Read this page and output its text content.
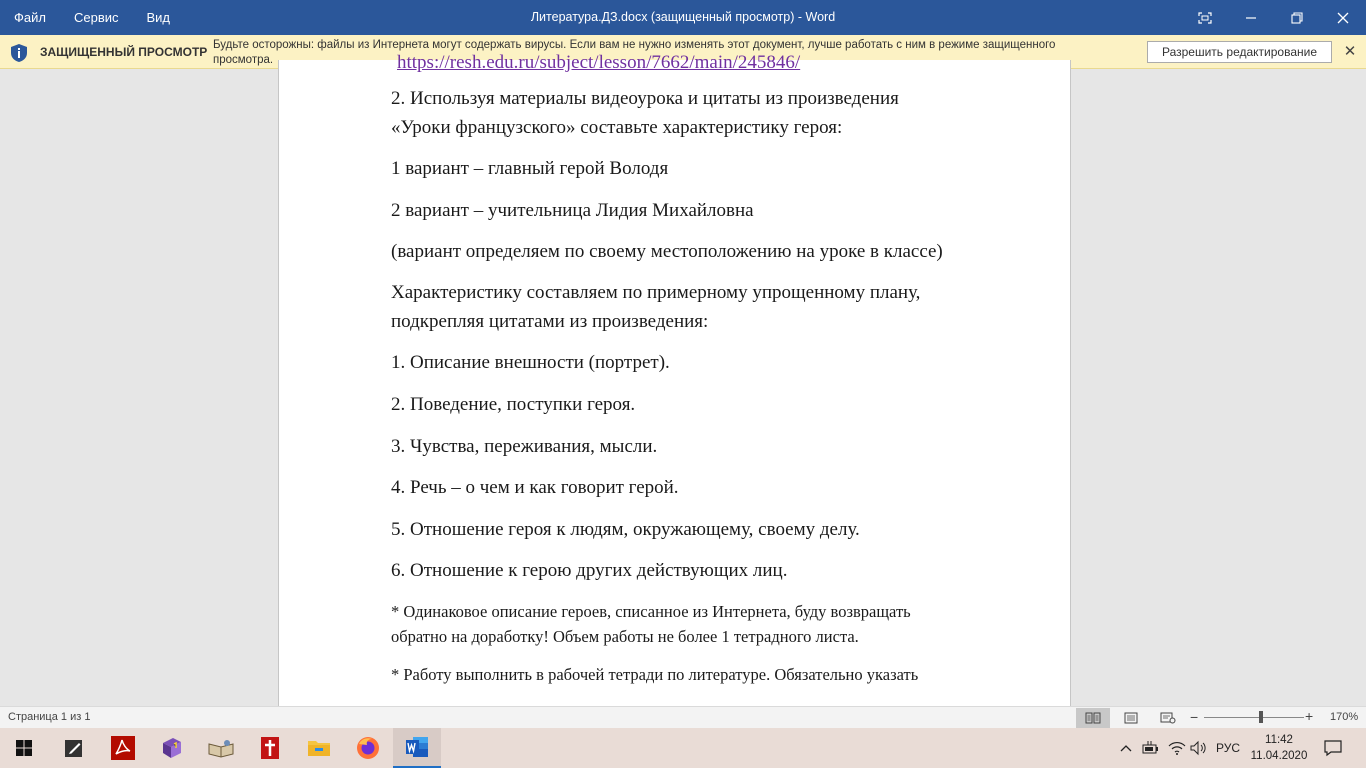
Файл	Сервис	Вид	Литература.ДЗ.docx (защищенный просмотр) - Word
ЗАЩИЩЕННЫЙ ПРОСМОТР Будьте осторожны: файлы из Интернета могут содержать вирусы. Если вам не нужно изменять этот документ, лучше работать с ним в режиме защищенного
просмотра.
Разрешить редактирование	✕
https://resh.edu.ru/subject/lesson/7662/main/245846/
2. Используя материалы видеоурока и цитаты из произведения
«Уроки французского» составьте характеристику героя:
1 вариант – главный герой Володя
2 вариант – учительница Лидия Михайловна
(вариант определяем по своему местоположению на уроке в классе)
Характеристику составляем по примерному упрощенному плану,
подкрепляя цитатами из произведения:
1. Описание внешности (портрет).
2. Поведение, поступки героя.
3. Чувства, переживания, мысли.
4. Речь – о чем и как говорит герой.
5. Отношение героя к людям, окружающему, своему делу.
6. Отношение к герою других действующих лиц.
* Одинаковое описание героев, списанное из Интернета, буду возвращать
обратно на доработку! Объем работы не более 1 тетрадного листа.
* Работу выполнить в рабочей тетради по литературе. Обязательно указать
Страница 1 из 1	−	+ 170%
РУС
11:42
11.04.2020
